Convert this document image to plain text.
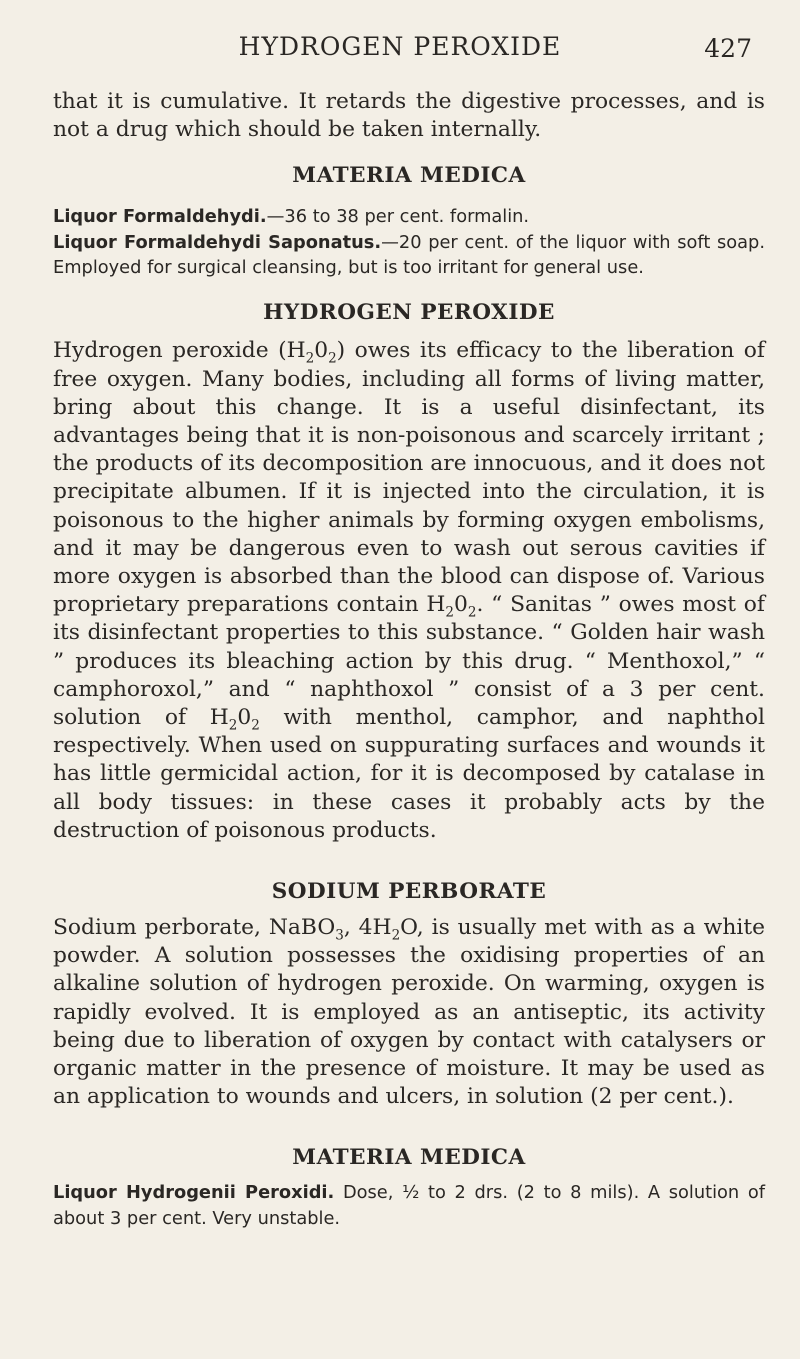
HYDROGEN PEROXIDE	427

that it is cumulative. It retards the digestive processes, and is not a drug which should be taken internally.

MATERIA MEDICA

Liquor Formaldehydi.—36 to 38 per cent. formalin.

Liquor Formaldehydi Saponatus.—20 per cent. of the liquor with soft soap. Employed for surgical cleansing, but is too irritant for general use.

HYDROGEN PEROXIDE

Hydrogen peroxide $(H_20_2)$ owes its efficacy to the liberation of free oxygen. Many bodies, including all forms of living matter, bring about this change. It is a useful disinfectant, its advantages being that it is non-poisonous and scarcely irritant ; the products of its decomposition are innocuous, and it does not precipitate albumen. If it is injected into the circulation, it is poisonous to the higher animals by forming oxygen embolisms, and it may be dangerous even to wash out serous cavities if more oxygen is absorbed than the blood can dispose of. Various proprietary preparations contain $H_20_2$. “ Sanitas ” owes most of its disinfectant properties to this substance. “ Golden hair wash ” produces its bleaching action by this drug. “ Menthoxol,” “ camphoroxol,” and “ naphthoxol ” consist of a 3 per cent. solution of $H_20_2$ with menthol, camphor, and naphthol respectively. When used on suppurating surfaces and wounds it has little germicidal action, for it is decomposed by catalase in all body tissues: in these cases it probably acts by the destruction of poisonous products.

SODIUM PERBORATE

Sodium perborate, NaBO$_3$, $4H_2O$, is usually met with as a white powder. A solution possesses the oxidising properties of an alkaline solution of hydrogen peroxide. On warming, oxygen is rapidly evolved. It is employed as an antiseptic, its activity being due to liberation of oxygen by contact with catalysers or organic matter in the presence of moisture. It may be used as an application to wounds and ulcers, in solution (2 per cent.).

MATERIA MEDICA

Liquor Hydrogenii Peroxidi. Dose, ½ to 2 drs. (2 to 8 mils). A solution of about 3 per cent. Very unstable.
